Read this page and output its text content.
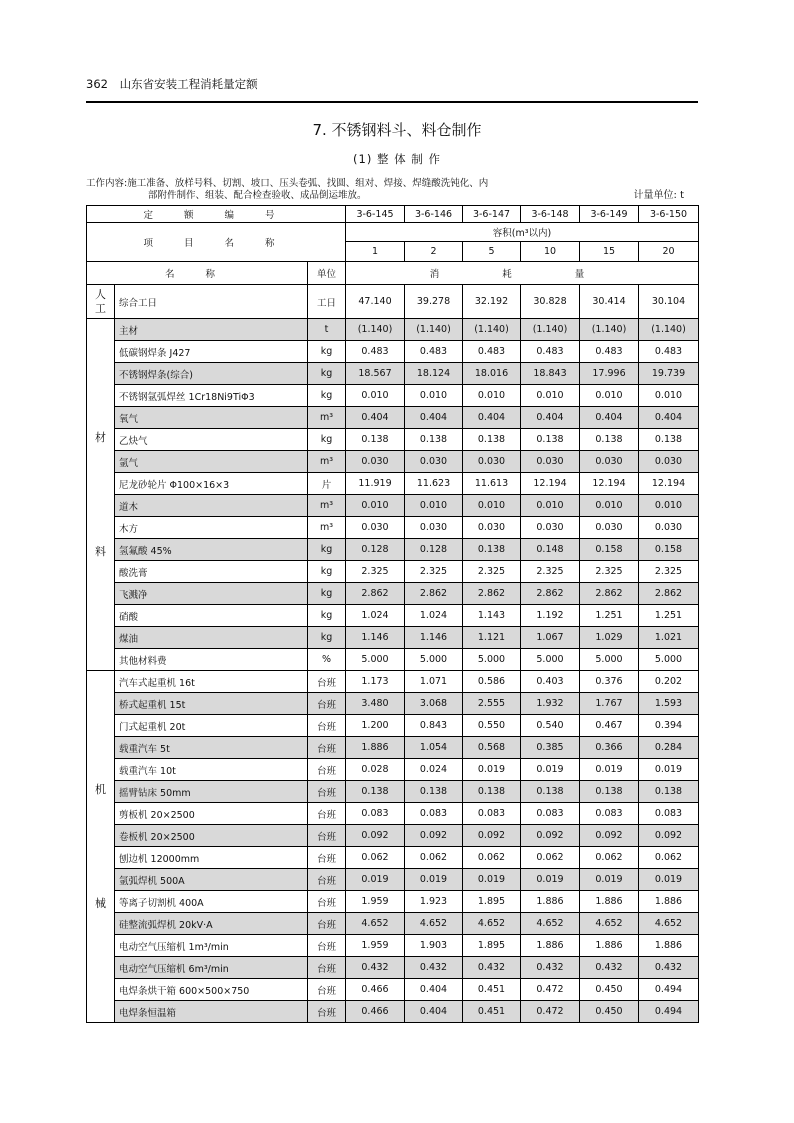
362 山东省安装工程消耗量定额
7. 不锈钢料斗、料仓制作
(1) 整 体 制 作
工作内容:施工准备、放样号料、切割、坡口、压头卷弧、找圆、组对、焊接、焊缝酸洗钝化、内
部附件制作、组装、配合检查验收、成品倒运堆放。	计量单位: t
定 额 编 号			3-6-145	3-6-146	3-6-147	3-6-148	3-6-149	3-6-150
项 目 名 称			容积(m³以内)					
			1	2	5	10	15	20
名 称		单位	消 耗 量					
人工	综合工日	工日	47.140	39.278	32.192	30.828	30.414	30.104

材
料	主材	t	(1.140)	(1.140)	(1.140)	(1.140)	(1.140)	(1.140)
	低碳钢焊条 J427	kg	0.483	0.483	0.483	0.483	0.483	0.483
	不锈钢焊条(综合)	kg	18.567	18.124	18.016	18.843	17.996	19.739
	不锈钢氩弧焊丝 1Cr18Ni9TiΦ3	kg	0.010	0.010	0.010	0.010	0.010	0.010
	氧气	m³	0.404	0.404	0.404	0.404	0.404	0.404
	乙炔气	kg	0.138	0.138	0.138	0.138	0.138	0.138
	氩气	m³	0.030	0.030	0.030	0.030	0.030	0.030
	尼龙砂轮片 Φ100×16×3	片	11.919	11.623	11.613	12.194	12.194	12.194
	道木	m³	0.010	0.010	0.010	0.010	0.010	0.010
	木方	m³	0.030	0.030	0.030	0.030	0.030	0.030
	氢氟酸 45%	kg	0.128	0.128	0.138	0.148	0.158	0.158
	酸洗膏	kg	2.325	2.325	2.325	2.325	2.325	2.325
	飞溅净	kg	2.862	2.862	2.862	2.862	2.862	2.862
	硝酸	kg	1.024	1.024	1.143	1.192	1.251	1.251
	煤油	kg	1.146	1.146	1.121	1.067	1.029	1.021
	其他材料费	%	5.000	5.000	5.000	5.000	5.000	5.000

机
械	汽车式起重机 16t	台班	1.173	1.071	0.586	0.403	0.376	0.202
	桥式起重机 15t	台班	3.480	3.068	2.555	1.932	1.767	1.593
	门式起重机 20t	台班	1.200	0.843	0.550	0.540	0.467	0.394
	载重汽车 5t	台班	1.886	1.054	0.568	0.385	0.366	0.284
	载重汽车 10t	台班	0.028	0.024	0.019	0.019	0.019	0.019
	摇臂钻床 50mm	台班	0.138	0.138	0.138	0.138	0.138	0.138
	剪板机 20×2500	台班	0.083	0.083	0.083	0.083	0.083	0.083
	卷板机 20×2500	台班	0.092	0.092	0.092	0.092	0.092	0.092
	刨边机 12000mm	台班	0.062	0.062	0.062	0.062	0.062	0.062
	氩弧焊机 500A	台班	0.019	0.019	0.019	0.019	0.019	0.019
	等离子切割机 400A	台班	1.959	1.923	1.895	1.886	1.886	1.886
	硅整流弧焊机 20kV·A	台班	4.652	4.652	4.652	4.652	4.652	4.652
	电动空气压缩机 1m³/min	台班	1.959	1.903	1.895	1.886	1.886	1.886
	电动空气压缩机 6m³/min	台班	0.432	0.432	0.432	0.432	0.432	0.432
	电焊条烘干箱 600×500×750	台班	0.466	0.404	0.451	0.472	0.450	0.494
	电焊条恒温箱	台班	0.466	0.404	0.451	0.472	0.450	0.494
